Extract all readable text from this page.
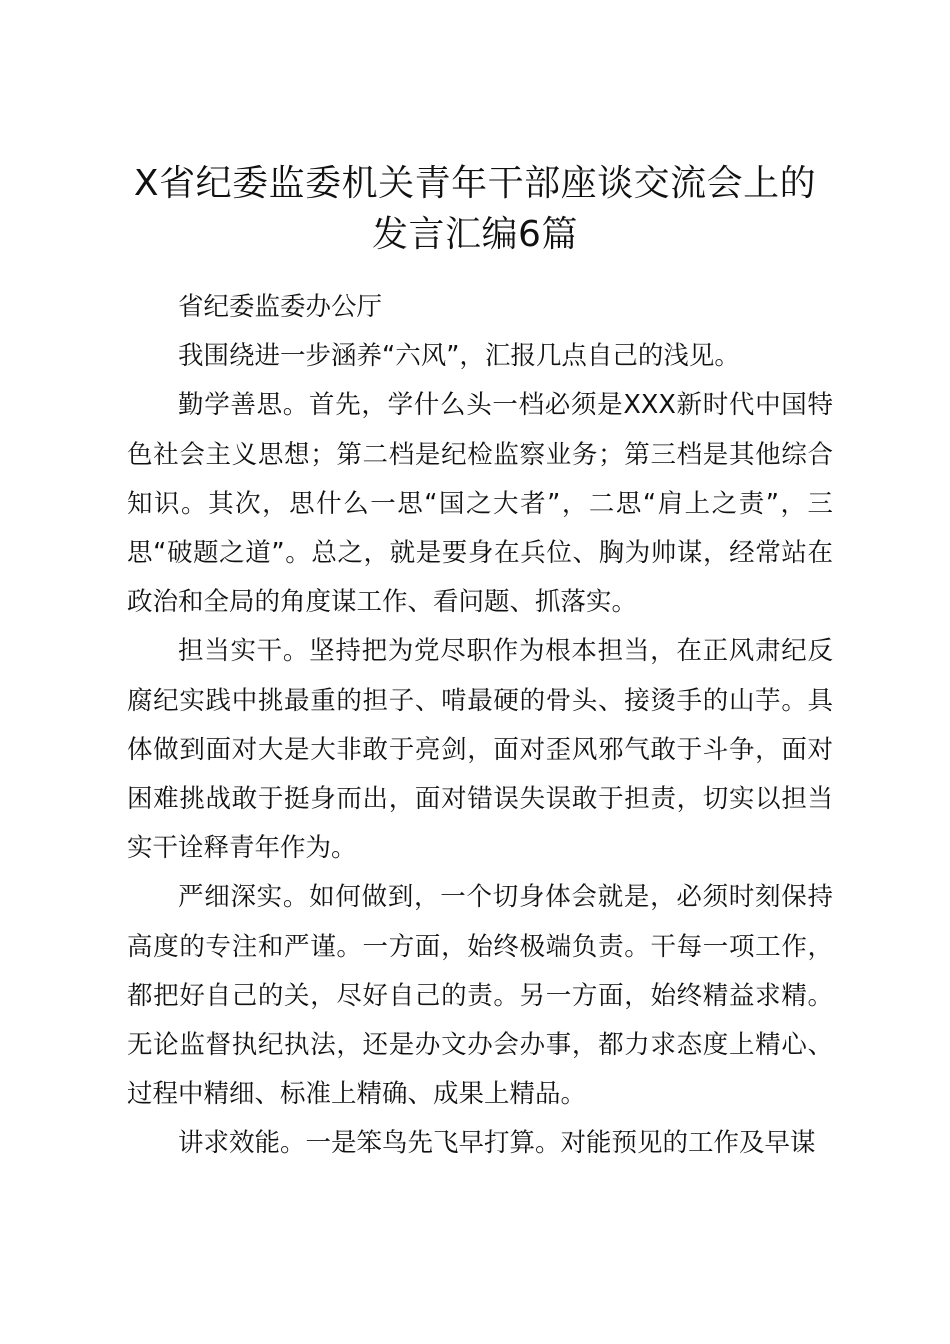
X省纪委监委机关青年干部座谈交流会上的发言汇编6篇

省纪委监委办公厅

我围绕进一步涵养“六风”，汇报几点自己的浅见。

勤学善思。首先，学什么头一档必须是XXX新时代中国特色社会主义思想；第二档是纪检监察业务；第三档是其他综合知识。其次，思什么一思“国之大者”，二思“肩上之责”，三思“破题之道”。总之，就是要身在兵位、胸为帅谋，经常站在政治和全局的角度谋工作、看问题、抓落实。

担当实干。坚持把为党尽职作为根本担当，在正风肃纪反腐纪实践中挑最重的担子、啃最硬的骨头、接烫手的山芋。具体做到面对大是大非敢于亮剑，面对歪风邪气敢于斗争，面对困难挑战敢于挺身而出，面对错误失误敢于担责，切实以担当实干诠释青年作为。

严细深实。如何做到，一个切身体会就是，必须时刻保持高度的专注和严谨。一方面，始终极端负责。干每一项工作，都把好自己的关，尽好自己的责。另一方面，始终精益求精。无论监督执纪执法，还是办文办会办事，都力求态度上精心、过程中精细、标准上精确、成果上精品。

讲求效能。一是笨鸟先飞早打算。对能预见的工作及早谋
